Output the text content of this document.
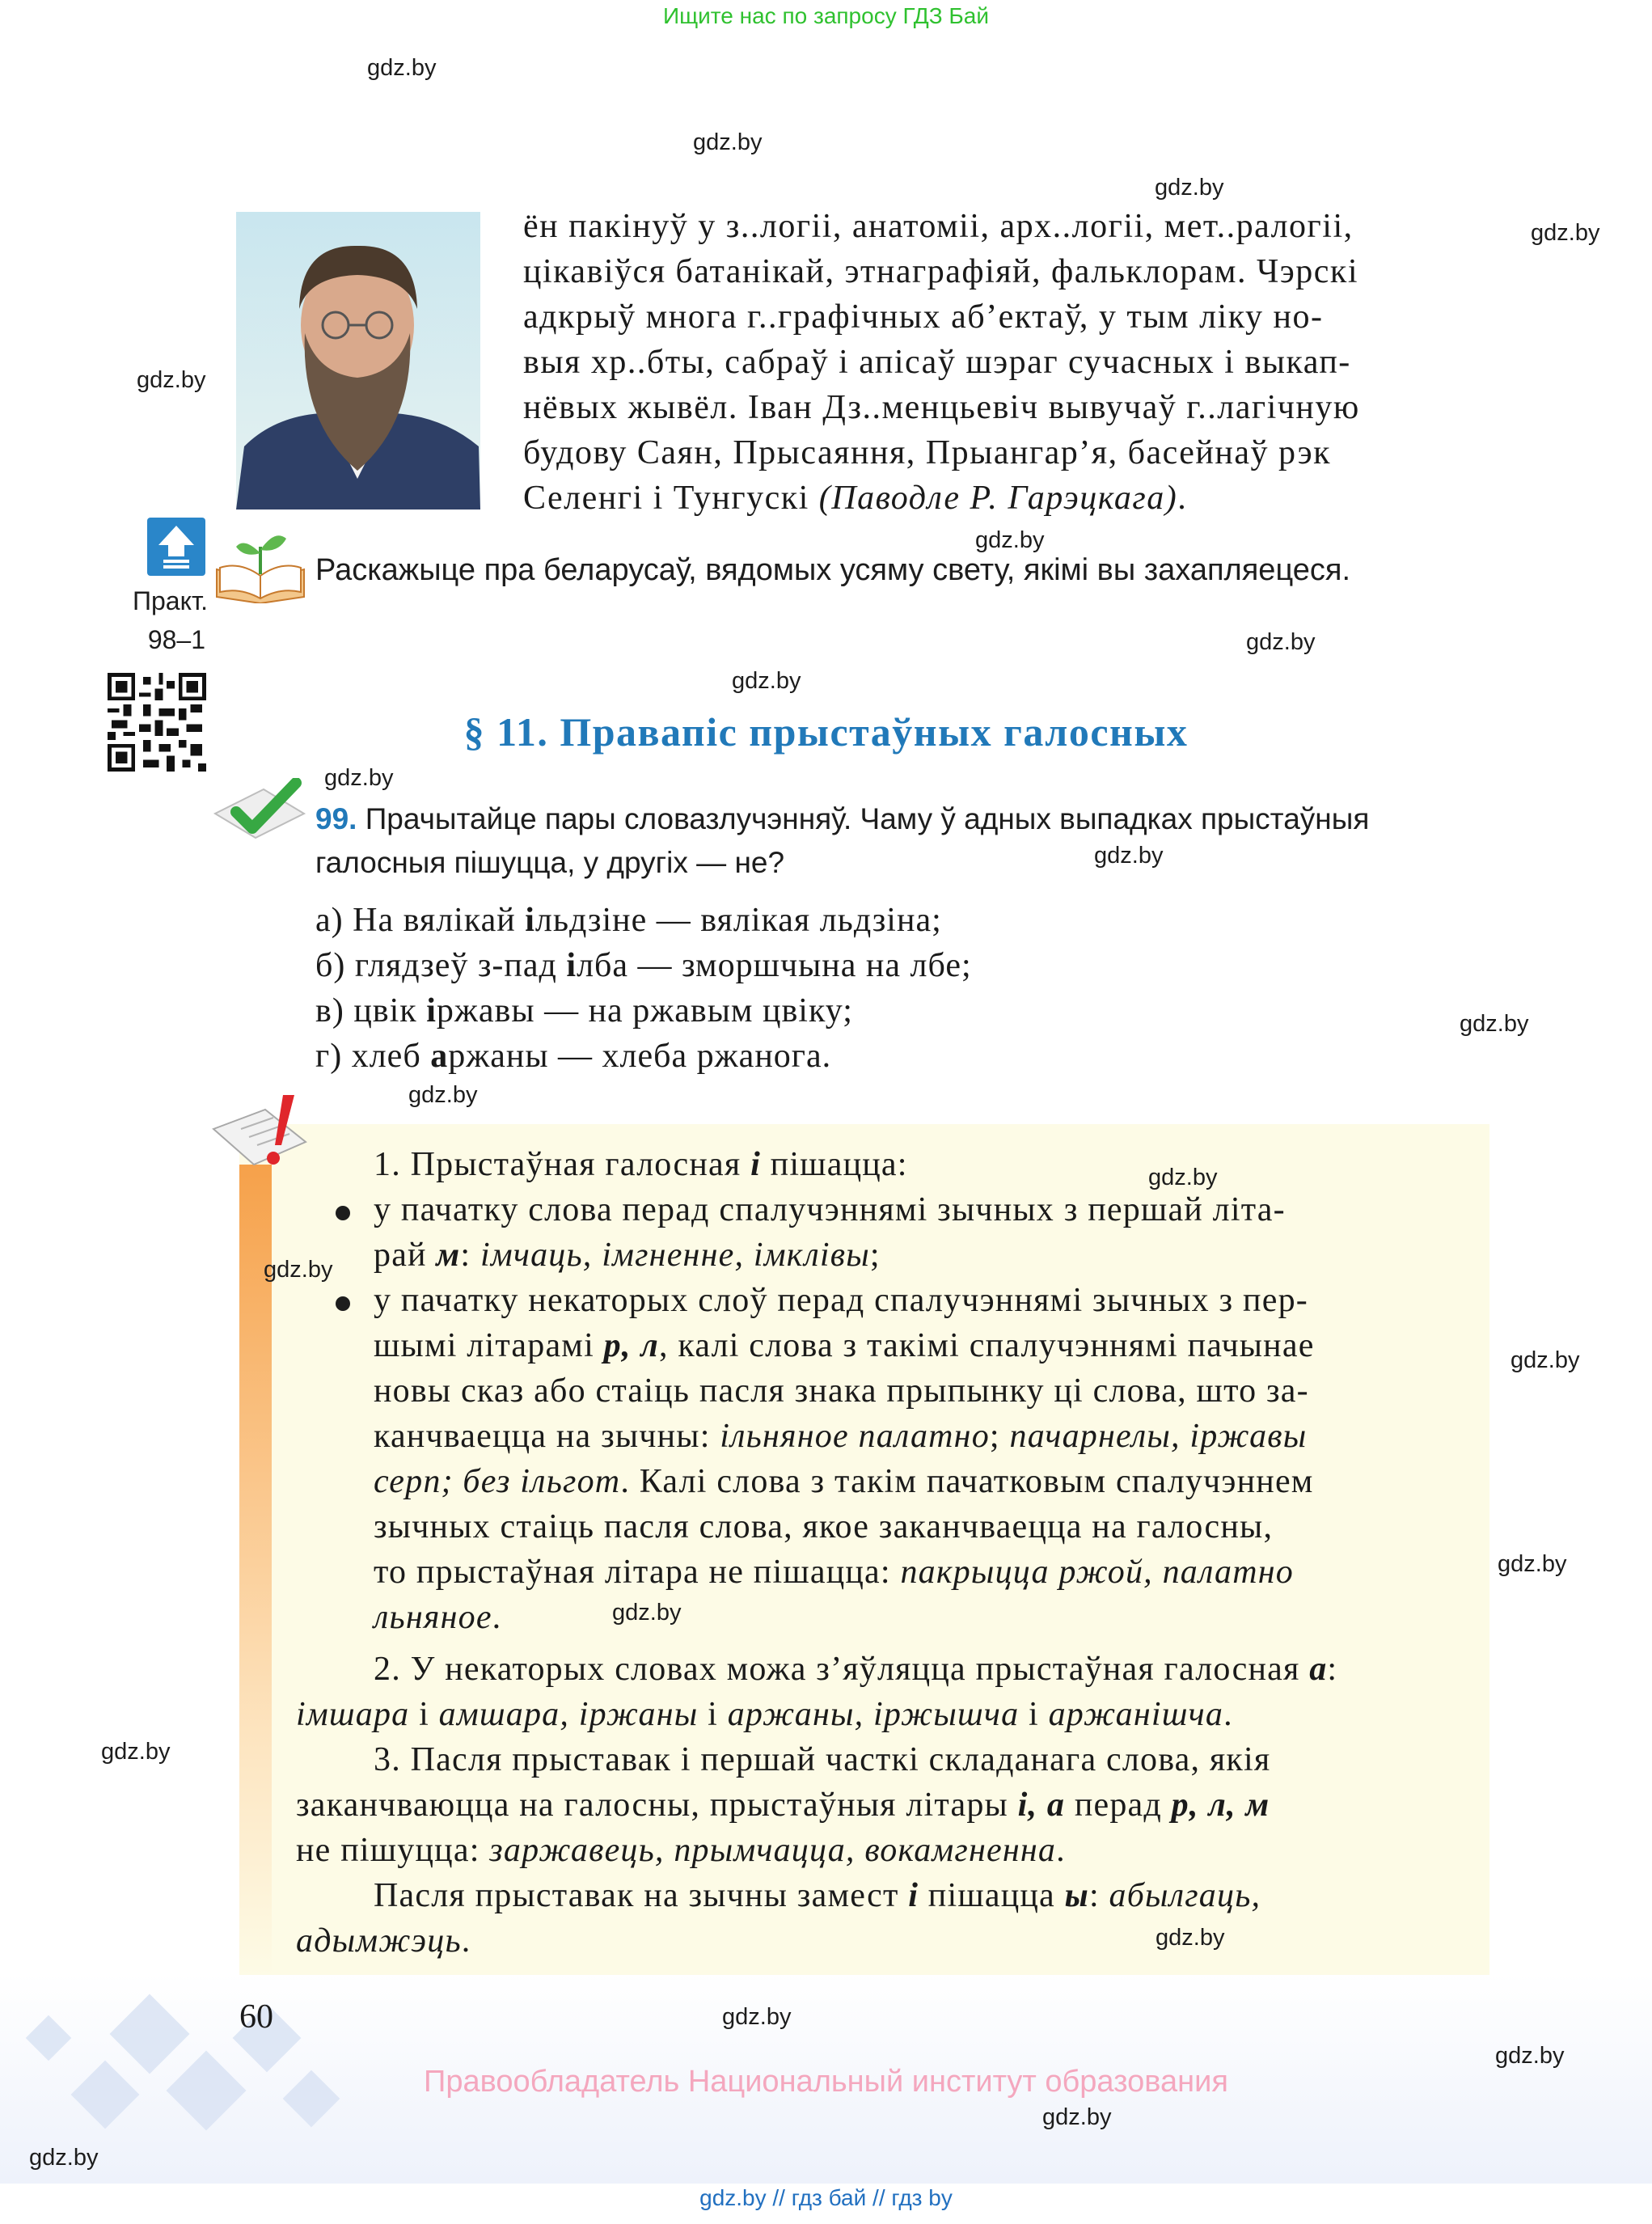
Ищите нас по запросу ГДЗ Бай
gdz.by
gdz.by
gdz.by
gdz.by
gdz.by
gdz.by
gdz.by
gdz.by
gdz.by
gdz.by
gdz.by
gdz.by
ён пакінуў у з..логіі, анатоміі, арх..логіі, мет..ралогіі,
цікавіўся батанікай, этнаграфіяй, фальклорам. Чэрскі
адкрыў многа г..графічных аб’ектаў, у тым ліку но-
выя хр..бты, сабраў і апісаў шэраг сучасных і выкап-
нёвых жывёл. Іван Дз..менцьевіч вывучаў г..лагічную
будову Саян, Прысаяння, Прыангар’я, басейнаў рэк
Селенгі і Тунгускі (Паводле Р. Гарэцкага).
Практ.
98–1
Раскажыце пра беларусаў, вядомых усяму свету, якімі вы захапляецеся.
§ 11. Правапіс прыстаўных галосных
99. Прачытайце пары словазлучэнняў. Чаму ў адных выпадках прыстаўныя
галосныя пішуцца, у другіх — не?
а) На вялікай ільдзіне — вялікая льдзіна;
б) глядзеў з-пад ілба — зморшчына на лбе;
в) цвік іржавы — на ржавым цвіку;
г) хлеб аржаны — хлеба ржанога.
1. Прыстаўная галосная і пішацца:
у пачатку слова перад спалучэннямі зычных з першай літа-
рай м: імчаць, імгненне, імклівы;
у пачатку некаторых слоў перад спалучэннямі зычных з пер-
шымі літарамі р, л, калі слова з такімі спалучэннямі пачынае
новы сказ або стаіць пасля знака прыпынку ці слова, што за-
канчваецца на зычны: ільняное палатно; пачарнелы, іржавы
серп; без ільгот. Калі слова з такім пачатковым спалучэннем
зычных стаіць пасля слова, якое заканчваецца на галосны,
то прыстаўная літара не пішацца: пакрыцца ржой, палатно
льняное.
2. У некаторых словах можа з’яўляцца прыстаўная галосная а:
імшара і амшара, іржаны і аржаны, іржышча і аржанішча.
3. Пасля прыставак і першай часткі складанага слова, якія
заканчваюцца на галосны, прыстаўныя літары і, а перад р, л, м
не пішуцца: заржавець, прымчацца, вокамгненна.
Пасля прыставак на зычны замест і пішацца ы: абылгаць,
адымжэць.
gdz.by
gdz.by
gdz.by
gdz.by
gdz.by
gdz.by
gdz.by
gdz.by
gdz.by
gdz.by
gdz.by
60
Правообладатель Национальный институт образования
gdz.by // гдз бай // гдз by
